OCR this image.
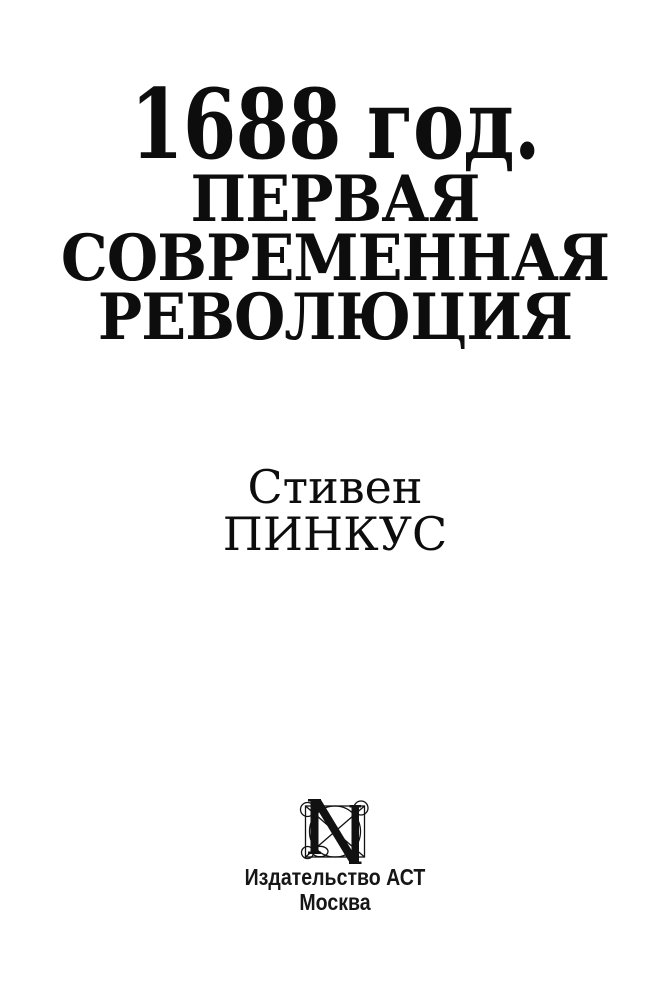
1688 год.
ПЕРВАЯ
СОВРЕМЕННАЯ
РЕВОЛЮЦИЯ
Стивен
ПИНКУС
Издательство АСТ
Москва
